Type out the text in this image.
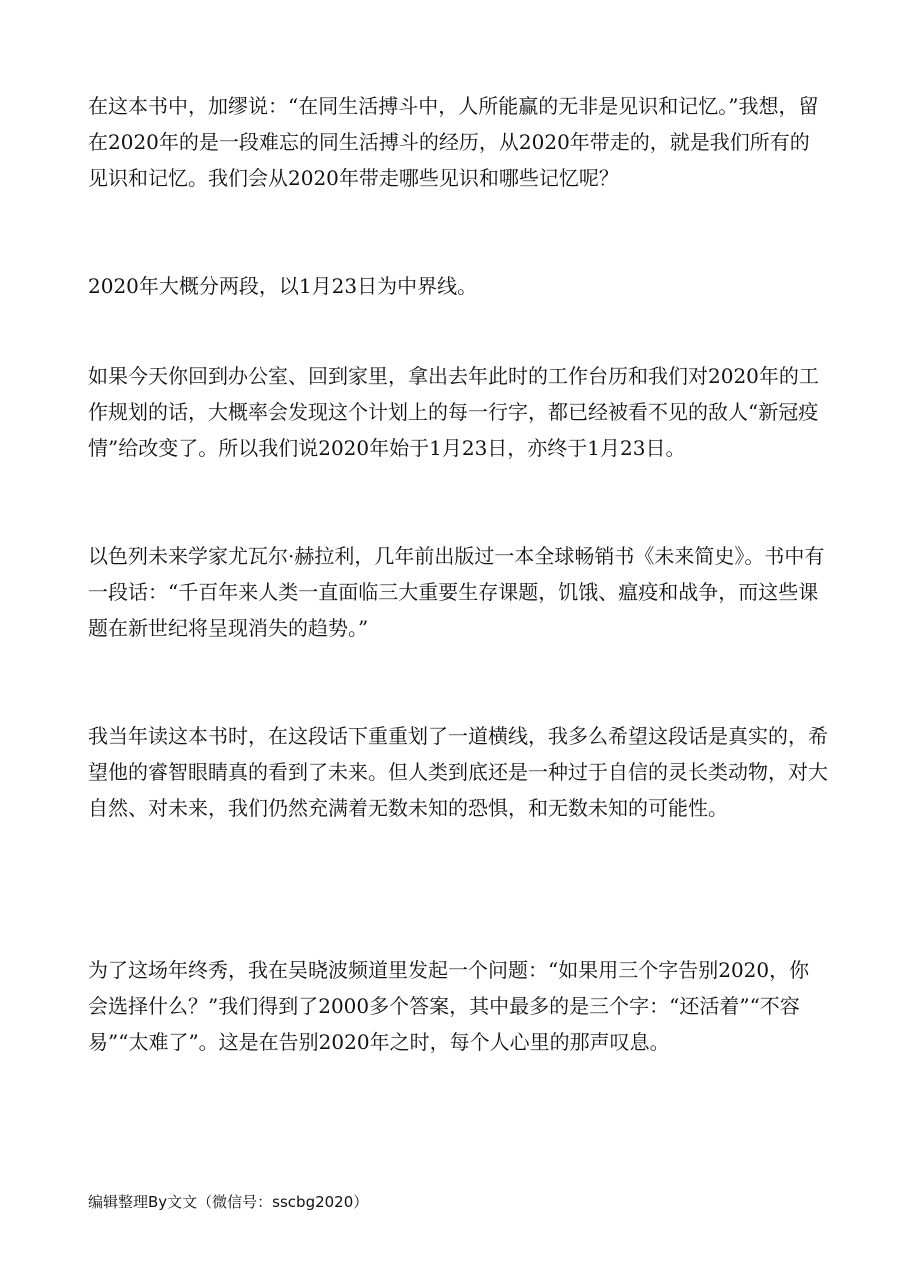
在这本书中，加缪说：“在同生活搏斗中，人所能赢的无非是见识和记忆。”我想，留在2020年的是一段难忘的同生活搏斗的经历，从2020年带走的，就是我们所有的见识和记忆。我们会从2020年带走哪些见识和哪些记忆呢？

2020年大概分两段，以1月23日为中界线。

如果今天你回到办公室、回到家里，拿出去年此时的工作台历和我们对2020年的工作规划的话，大概率会发现这个计划上的每一行字，都已经被看不见的敌人“新冠疫情”给改变了。所以我们说2020年始于1月23日，亦终于1月23日。

以色列未来学家尤瓦尔·赫拉利，几年前出版过一本全球畅销书《未来简史》。书中有一段话：“千百年来人类一直面临三大重要生存课题，饥饿、瘟疫和战争，而这些课题在新世纪将呈现消失的趋势。”

我当年读这本书时，在这段话下重重划了一道横线，我多么希望这段话是真实的，希望他的睿智眼睛真的看到了未来。但人类到底还是一种过于自信的灵长类动物，对大自然、对未来，我们仍然充满着无数未知的恐惧，和无数未知的可能性。

为了这场年终秀，我在吴晓波频道里发起一个问题：“如果用三个字告别2020，你会选择什么？”我们得到了2000多个答案，其中最多的是三个字：“还活着”“不容易”“太难了”。这是在告别2020年之时，每个人心里的那声叹息。

编辑整理By文文（微信号：sscbg2020）
